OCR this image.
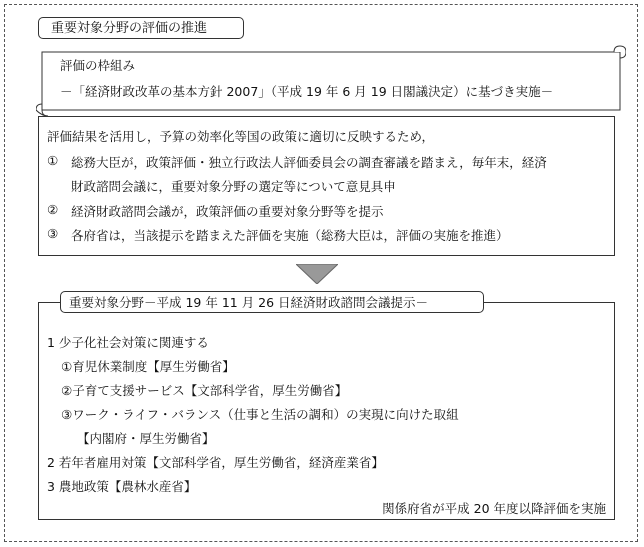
重要対象分野の評価の推進
評価の枠組み
－「経済財政改革の基本方針 2007」（平成 19 年 6 月 19 日閣議決定）に基づき実施－
評価結果を活用し，予算の効率化等国の政策に適切に反映するため，
① 総務大臣が，政策評価・独立行政法人評価委員会の調査審議を踏まえ，毎年末，経済
財政諮問会議に，重要対象分野の選定等について意見具申
② 経済財政諮問会議が，政策評価の重要対象分野等を提示
③ 各府省は，当該提示を踏まえた評価を実施（総務大臣は，評価の実施を推進）
1 少子化社会対策に関連する
①育児休業制度【厚生労働省】
②子育て支援サービス【文部科学省，厚生労働省】
③ワーク・ライフ・バランス（仕事と生活の調和）の実現に向けた取組
【内閣府・厚生労働省】
2 若年者雇用対策【文部科学省，厚生労働省，経済産業省】
3 農地政策【農林水産省】
関係府省が平成 20 年度以降評価を実施
重要対象分野－平成 19 年 11 月 26 日経済財政諮問会議提示－
